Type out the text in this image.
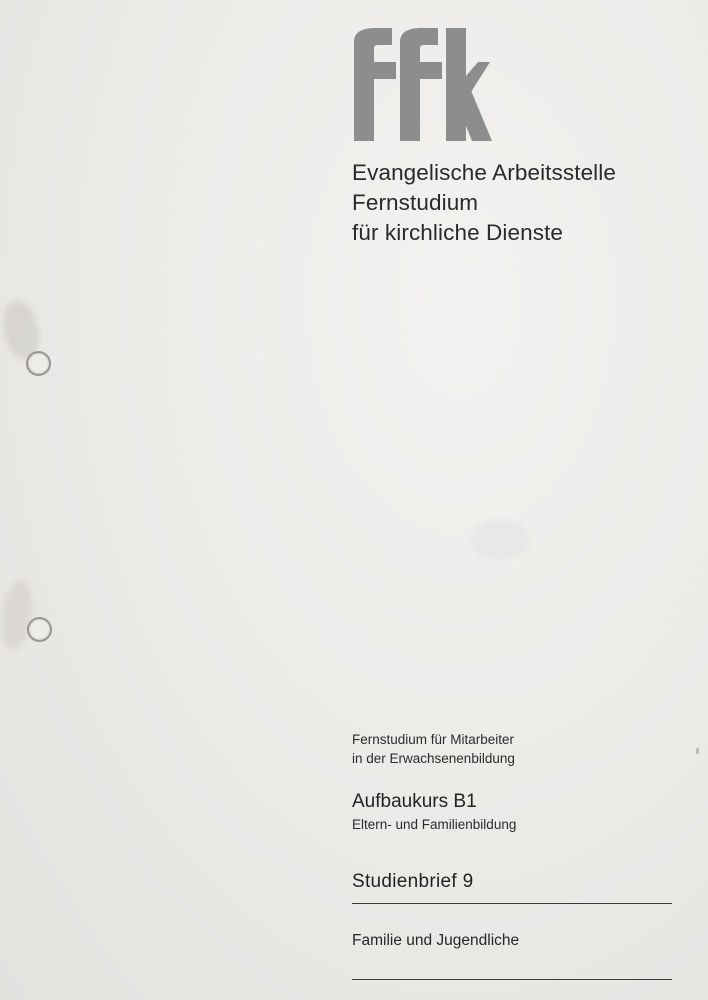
Evangelische Arbeitsstelle
Fernstudium
für kirchliche Dienste
Fernstudium für Mitarbeiter
in der Erwachsenenbildung
Aufbaukurs B1
Eltern- und Familienbildung
Studienbrief 9
Familie und Jugendliche
